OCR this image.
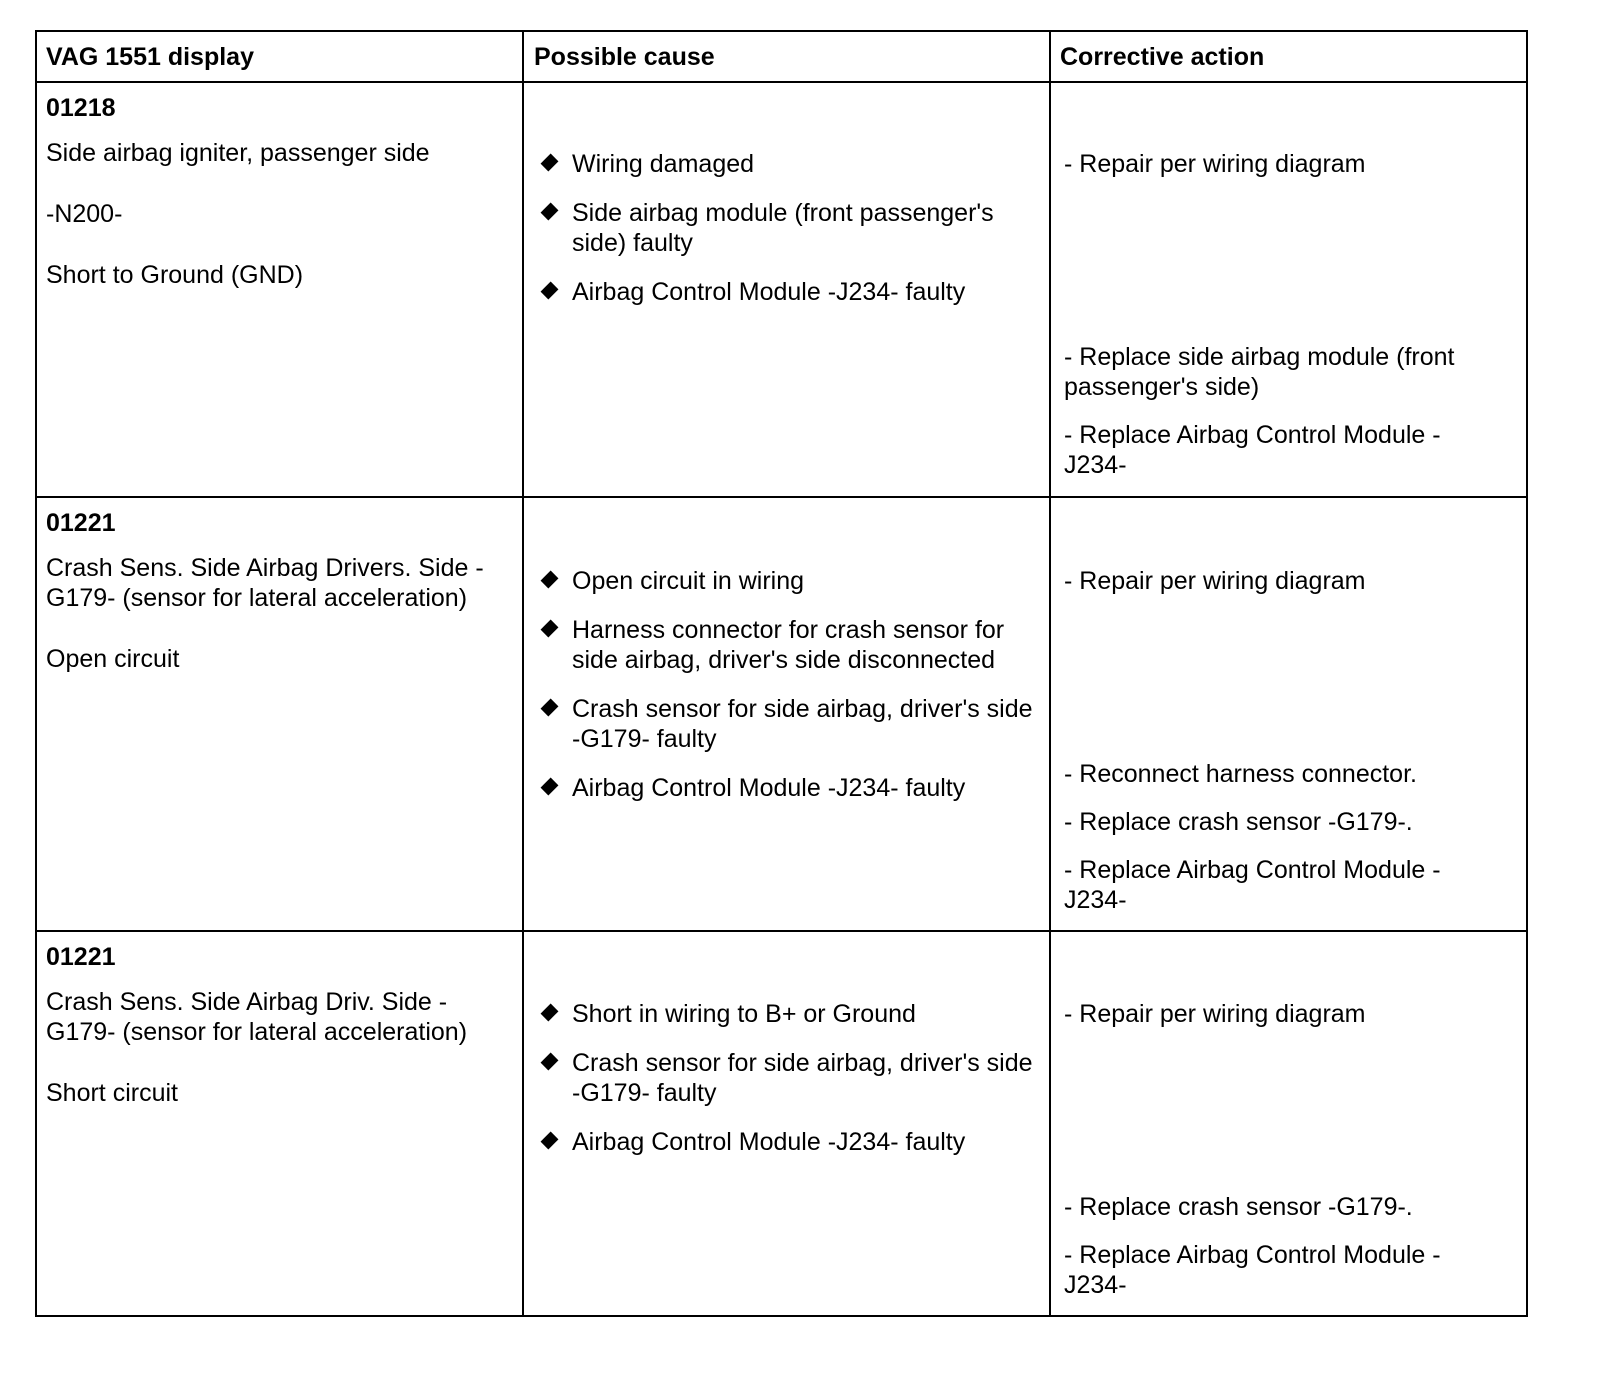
VAG 1551 display	Possible cause	Corrective action
01218
Side airbag igniter, passenger side
-N200-
Short to Ground (GND)
Wiring damaged
Side airbag module (front passenger's side) faulty
Airbag Control Module -J234- faulty
- Repair per wiring diagram
- Replace side airbag module (front passenger's side)
- Replace Airbag Control Module -J234-
01221
Crash Sens. Side Airbag Drivers. Side -G179- (sensor for lateral acceleration)
Open circuit
Open circuit in wiring
Harness connector for crash sensor for side airbag, driver's side disconnected
Crash sensor for side airbag, driver's side -G179- faulty
Airbag Control Module -J234- faulty
- Repair per wiring diagram
- Reconnect harness connector.
- Replace crash sensor -G179-.
- Replace Airbag Control Module -J234-
01221
Crash Sens. Side Airbag Driv. Side -G179- (sensor for lateral acceleration)
Short circuit
Short in wiring to B+ or Ground
Crash sensor for side airbag, driver's side -G179- faulty
Airbag Control Module -J234- faulty
- Repair per wiring diagram
- Replace crash sensor -G179-.
- Replace Airbag Control Module -J234-
